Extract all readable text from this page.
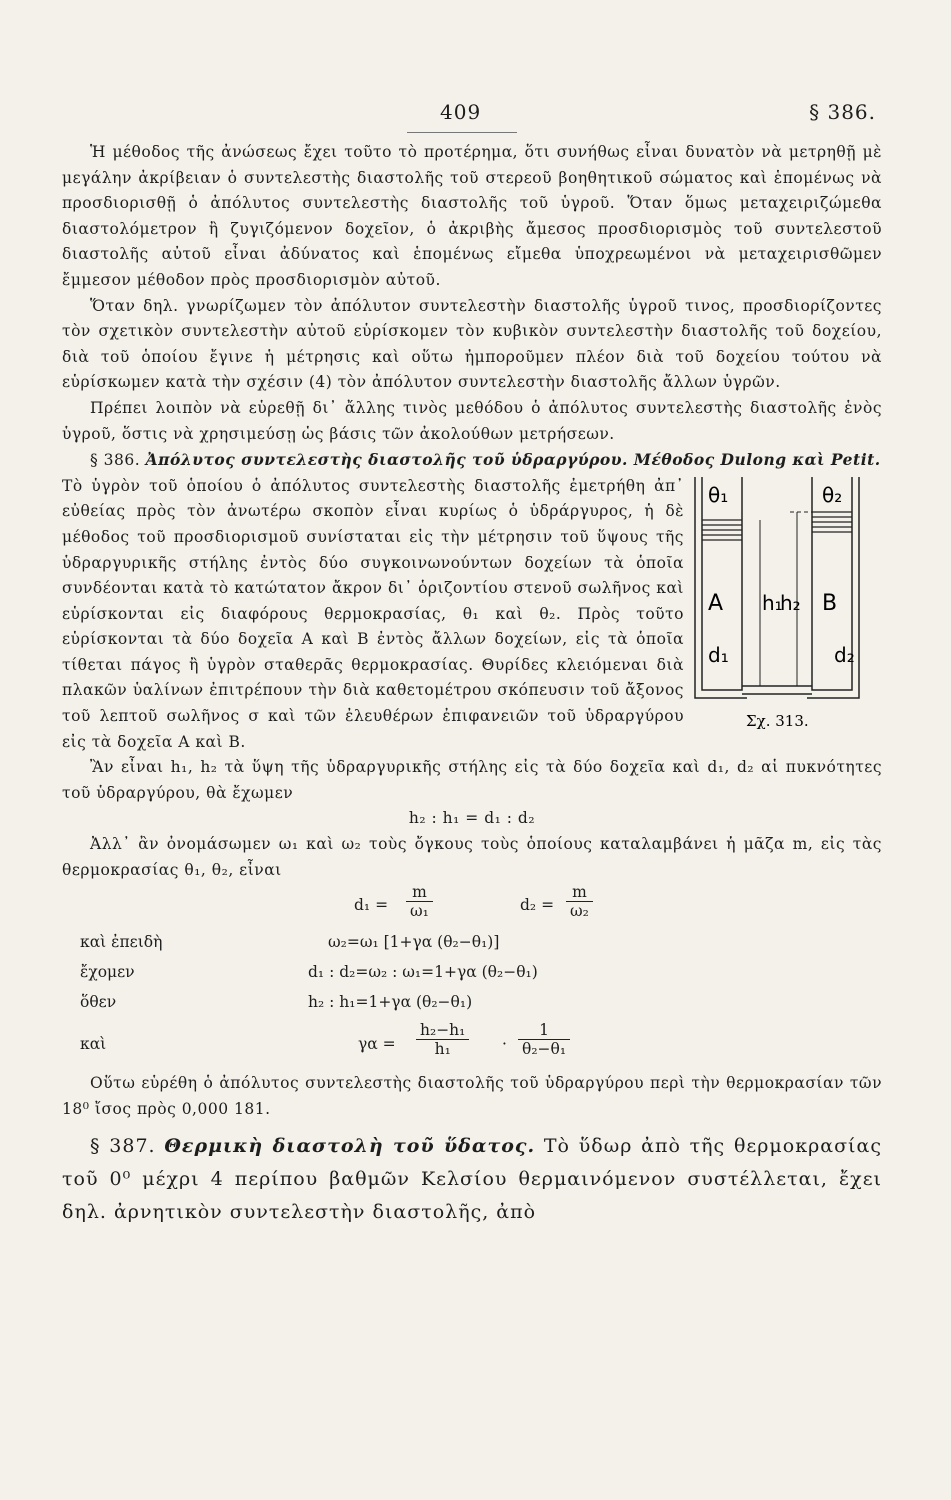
409	§ 386.

Ἡ μέθοδος τῆς ἀνώσεως ἔχει τοῦτο τὸ προτέρημα, ὅτι συνήθως εἶναι δυνατὸν νὰ μετρηθῇ μὲ μεγάλην ἀκρίβειαν ὁ συντελεστὴς διαστολῆς τοῦ στερεοῦ βοηθητικοῦ σώματος καὶ ἑπομένως νὰ προσδιορισθῇ ὁ ἀπόλυτος συντελεστὴς διαστολῆς τοῦ ὑγροῦ. Ὅταν ὅμως μεταχειριζώμεθα διαστολόμετρον ἢ ζυγιζόμενον δοχεῖον, ὁ ἀκριβὴς ἄμεσος προσδιορισμὸς τοῦ συντελεστοῦ διαστολῆς αὐτοῦ εἶναι ἀδύνατος καὶ ἑπομένως εἴμεθα ὑποχρεωμένοι νὰ μεταχειρισθῶμεν ἔμμεσον μέθοδον πρὸς προσδιορισμὸν αὐτοῦ.

Ὅταν δηλ. γνωρίζωμεν τὸν ἀπόλυτον συντελεστὴν διαστολῆς ὑγροῦ τινος, προσδιορίζοντες τὸν σχετικὸν συντελεστὴν αὐτοῦ εὑρίσκομεν τὸν κυβικὸν συντελεστὴν διαστολῆς τοῦ δοχείου, διὰ τοῦ ὁποίου ἔγινε ἡ μέτρησις καὶ οὕτω ἠμποροῦμεν πλέον διὰ τοῦ δοχείου τούτου νὰ εὑρίσκωμεν κατὰ τὴν σχέσιν (4) τὸν ἀπόλυτον συντελεστὴν διαστολῆς ἄλλων ὑγρῶν.

Πρέπει λοιπὸν νὰ εὑρεθῇ δι᾽ ἄλλης τινὸς μεθόδου ὁ ἀπόλυτος συντελεστὴς διαστολῆς ἑνὸς ὑγροῦ, ὅστις νὰ χρησιμεύσῃ ὡς βάσις τῶν ἀκολούθων μετρήσεων.

§ 386. Ἀπόλυτος συντελεστὴς διαστολῆς τοῦ ὑδραργύρου. Μέθοδος Dulong καὶ Petit.

Τὸ ὑγρὸν τοῦ ὁποίου ὁ ἀπόλυτος συντελεστὴς διαστολῆς ἐμετρήθη ἀπ᾽ εὐθείας πρὸς τὸν ἀνωτέρω σκοπὸν εἶναι κυρίως ὁ ὑδράργυρος, ἡ δὲ μέθοδος τοῦ προσδιορισμοῦ συνίσταται εἰς τὴν μέτρησιν τοῦ ὕψους τῆς ὑδραργυρικῆς στήλης ἐντὸς δύο συγκοινωνούντων δοχείων τὰ ὁποῖα συνδέονται κατὰ τὸ κατώτατον ἄκρον δι᾽ ὁριζοντίου στενοῦ σωλῆνος καὶ εὑρίσκονται εἰς διαφόρους θερμοκρασίας, θ₁ καὶ θ₂. Πρὸς τοῦτο εὑρίσκονται τὰ δύο δοχεῖα A καὶ B ἐντὸς ἄλλων δοχείων, εἰς τὰ ὁποῖα τίθεται πάγος ἢ ὑγρὸν σταθερᾶς θερμοκρασίας. Θυρίδες κλειόμεναι διὰ πλακῶν ὑαλίνων ἐπιτρέπουν τὴν διὰ καθετομέτρου σκόπευσιν τοῦ ἄξονος τοῦ λεπτοῦ σωλῆνος σ καὶ τῶν ἐλευθέρων ἐπιφανειῶν τοῦ ὑδραργύρου εἰς τὰ δοχεῖα A καὶ B.

θ₁	θ₂
A	B
h₁
h₂
d₁	d₂
Σχ. 313.

Ἂν εἶναι h₁, h₂ τὰ ὕψη τῆς ὑδραργυρικῆς στήλης εἰς τὰ δύο δοχεῖα καὶ d₁, d₂ αἱ πυκνότητες τοῦ ὑδραργύρου, θὰ ἔχωμεν

h₂ : h₁ = d₁ : d₂

Ἀλλ᾽ ἂν ὀνομάσωμεν ω₁ καὶ ω₂ τοὺς ὄγκους τοὺς ὁποίους καταλαμβάνει ἡ μᾶζα m, εἰς τὰς θερμοκρασίας θ₁, θ₂, εἶναι

$d_1 = \frac{m}{\text{ω₁}}$	$d_2 = \frac{m}{\text{ω₂}}$
καὶ ἐπειδὴ	ω₂=ω₁ [1+γα (θ₂−θ₁)]
ἔχομεν	d₁ : d₂=ω₂ : ω₁=1+γα (θ₂−θ₁)
ὅθεν	h₂ : h₁=1+γα (θ₂−θ₁)
καὶ	$\gamma\alpha = \frac{\text{h₂−h₁}}{\text{h₁}} \cdot \frac{1}{\text{θ₂−θ₁}}$

Οὕτω εὑρέθη ὁ ἀπόλυτος συντελεστὴς διαστολῆς τοῦ ὑδραργύρου περὶ τὴν θερμοκρασίαν τῶν 18⁰ ἴσος πρὸς 0,000 181.

§ 387. Θερμικὴ διαστολὴ τοῦ ὕδατος. Τὸ ὕδωρ ἀπὸ τῆς θερμοκρασίας τοῦ 0⁰ μέχρι 4 περίπου βαθμῶν Κελσίου θερμαινόμενον συστέλλεται, ἔχει δηλ. ἀρνητικὸν συντελεστὴν διαστολῆς, ἀπὸ
